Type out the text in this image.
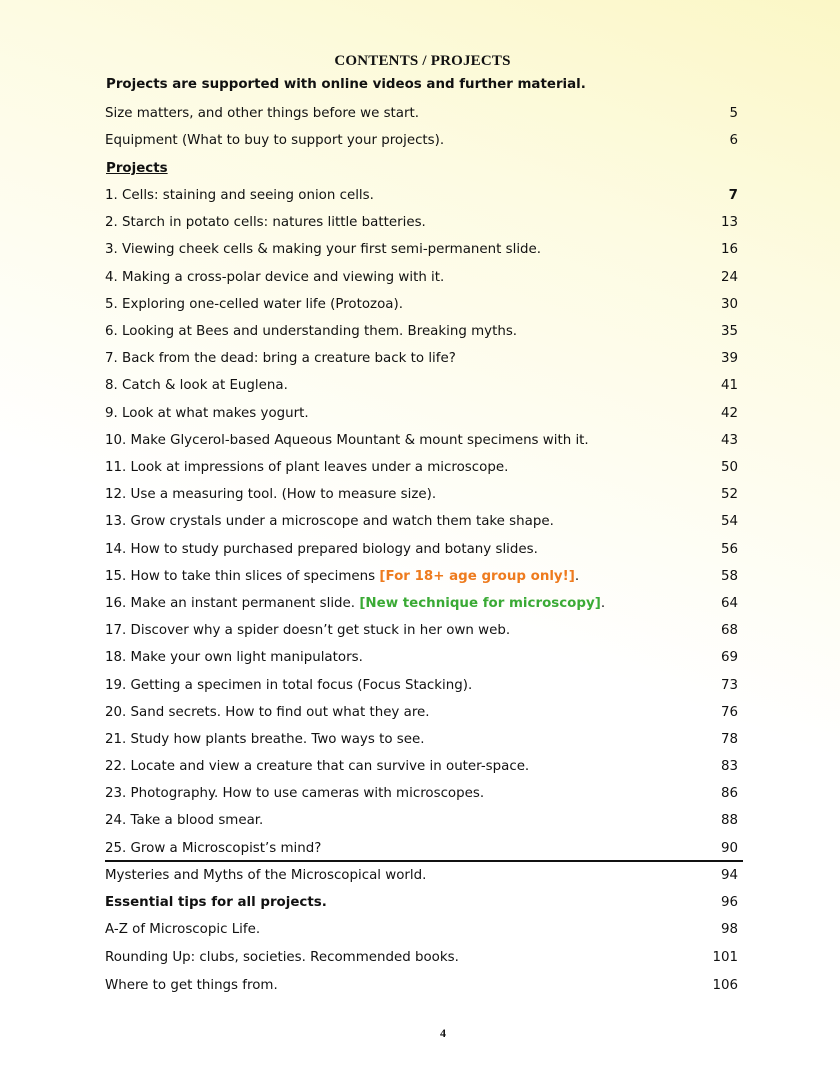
CONTENTS / PROJECTS
Projects are supported with online videos and further material.
Size matters, and other things before we start.	5
Equipment (What to buy to support your projects).	6
Projects
1. Cells: staining and seeing onion cells.	7
2. Starch in potato cells: natures little batteries.	13
3. Viewing cheek cells & making your first semi-permanent slide.	16
4. Making a cross-polar device and viewing with it.	24
5. Exploring one-celled water life (Protozoa).	30
6. Looking at Bees and understanding them. Breaking myths.	35
7. Back from the dead: bring a creature back to life?	39
8. Catch & look at Euglena.	41
9. Look at what makes yogurt.	42
10. Make Glycerol-based Aqueous Mountant & mount specimens with it.	43
11. Look at impressions of plant leaves under a microscope.	50
12. Use a measuring tool. (How to measure size).	52
13. Grow crystals under a microscope and watch them take shape.	54
14. How to study purchased prepared biology and botany slides.	56
15. How to take thin slices of specimens [For 18+ age group only!].	58
16. Make an instant permanent slide. [New technique for microscopy].	64
17. Discover why a spider doesn’t get stuck in her own web.	68
18. Make your own light manipulators.	69
19. Getting a specimen in total focus (Focus Stacking).	73
20. Sand secrets. How to find out what they are.	76
21. Study how plants breathe. Two ways to see.	78
22. Locate and view a creature that can survive in outer-space.	83
23. Photography. How to use cameras with microscopes.	86
24. Take a blood smear.	88
25. Grow a Microscopist’s mind?	90
Mysteries and Myths of the Microscopical world.	94
Essential tips for all projects.	96
A-Z of Microscopic Life.	98
Rounding Up: clubs, societies. Recommended books.	101
Where to get things from.	106
4
